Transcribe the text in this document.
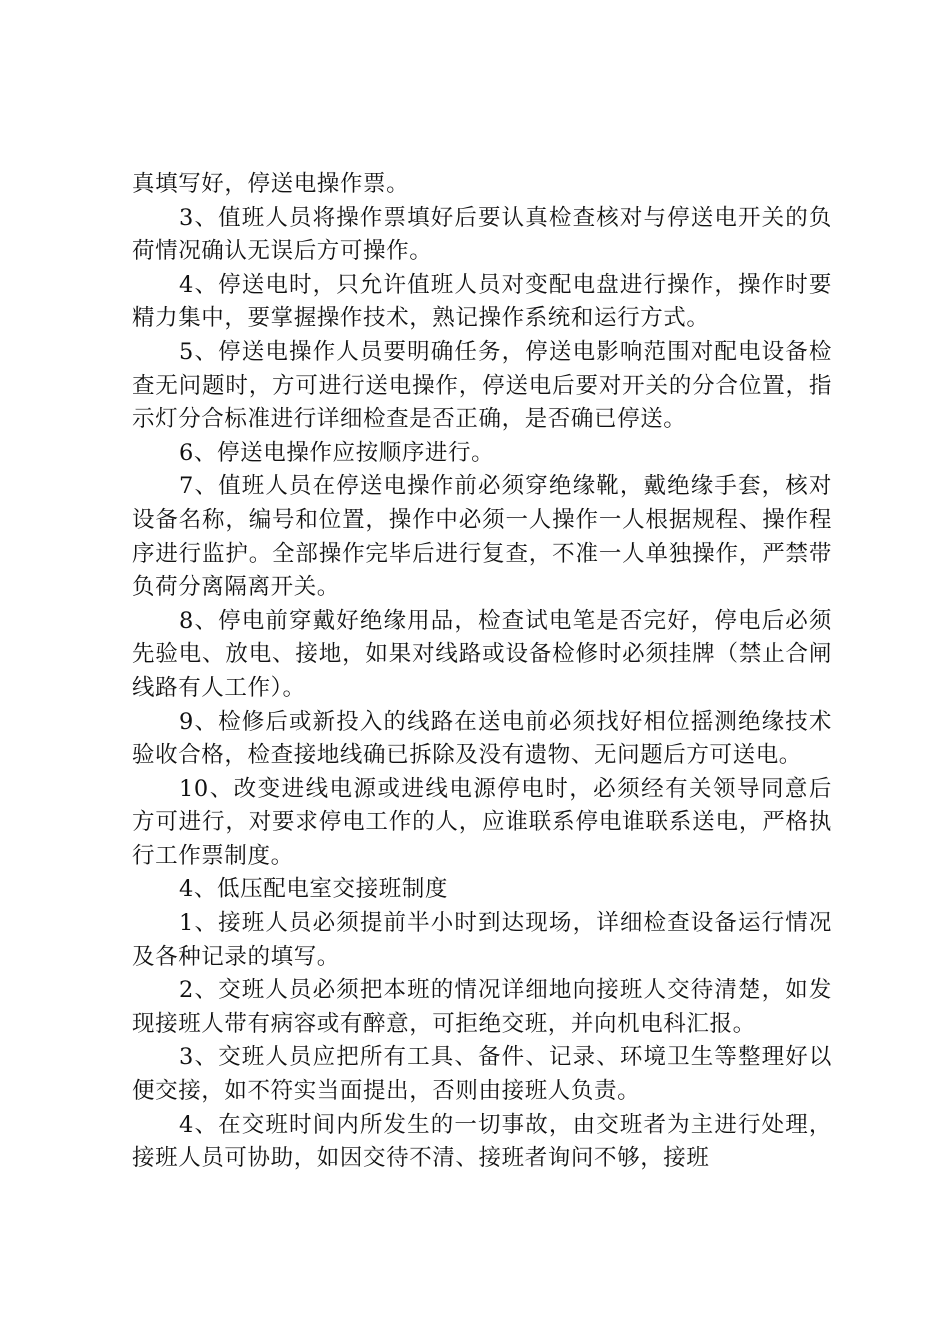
真填写好，停送电操作票。

3、值班人员将操作票填好后要认真检查核对与停送电开关的负荷情况确认无误后方可操作。

4、停送电时，只允许值班人员对变配电盘进行操作，操作时要精力集中，要掌握操作技术，熟记操作系统和运行方式。

5、停送电操作人员要明确任务，停送电影响范围对配电设备检查无问题时，方可进行送电操作，停送电后要对开关的分合位置，指示灯分合标准进行详细检查是否正确，是否确已停送。

6、停送电操作应按顺序进行。

7、值班人员在停送电操作前必须穿绝缘靴，戴绝缘手套，核对设备名称，编号和位置，操作中必须一人操作一人根据规程、操作程序进行监护。全部操作完毕后进行复查，不准一人单独操作，严禁带负荷分离隔离开关。

8、停电前穿戴好绝缘用品，检查试电笔是否完好，停电后必须先验电、放电、接地，如果对线路或设备检修时必须挂牌（禁止合闸线路有人工作）。

9、检修后或新投入的线路在送电前必须找好相位摇测绝缘技术验收合格，检查接地线确已拆除及没有遗物、无问题后方可送电。

10、改变进线电源或进线电源停电时，必须经有关领导同意后方可进行，对要求停电工作的人，应谁联系停电谁联系送电，严格执行工作票制度。

4、低压配电室交接班制度

1、接班人员必须提前半小时到达现场，详细检查设备运行情况及各种记录的填写。

2、交班人员必须把本班的情况详细地向接班人交待清楚，如发现接班人带有病容或有醉意，可拒绝交班，并向机电科汇报。

3、交班人员应把所有工具、备件、记录、环境卫生等整理好以便交接，如不符实当面提出，否则由接班人负责。

4、在交班时间内所发生的一切事故，由交班者为主进行处理，接班人员可协助，如因交待不清、接班者询问不够，接班
